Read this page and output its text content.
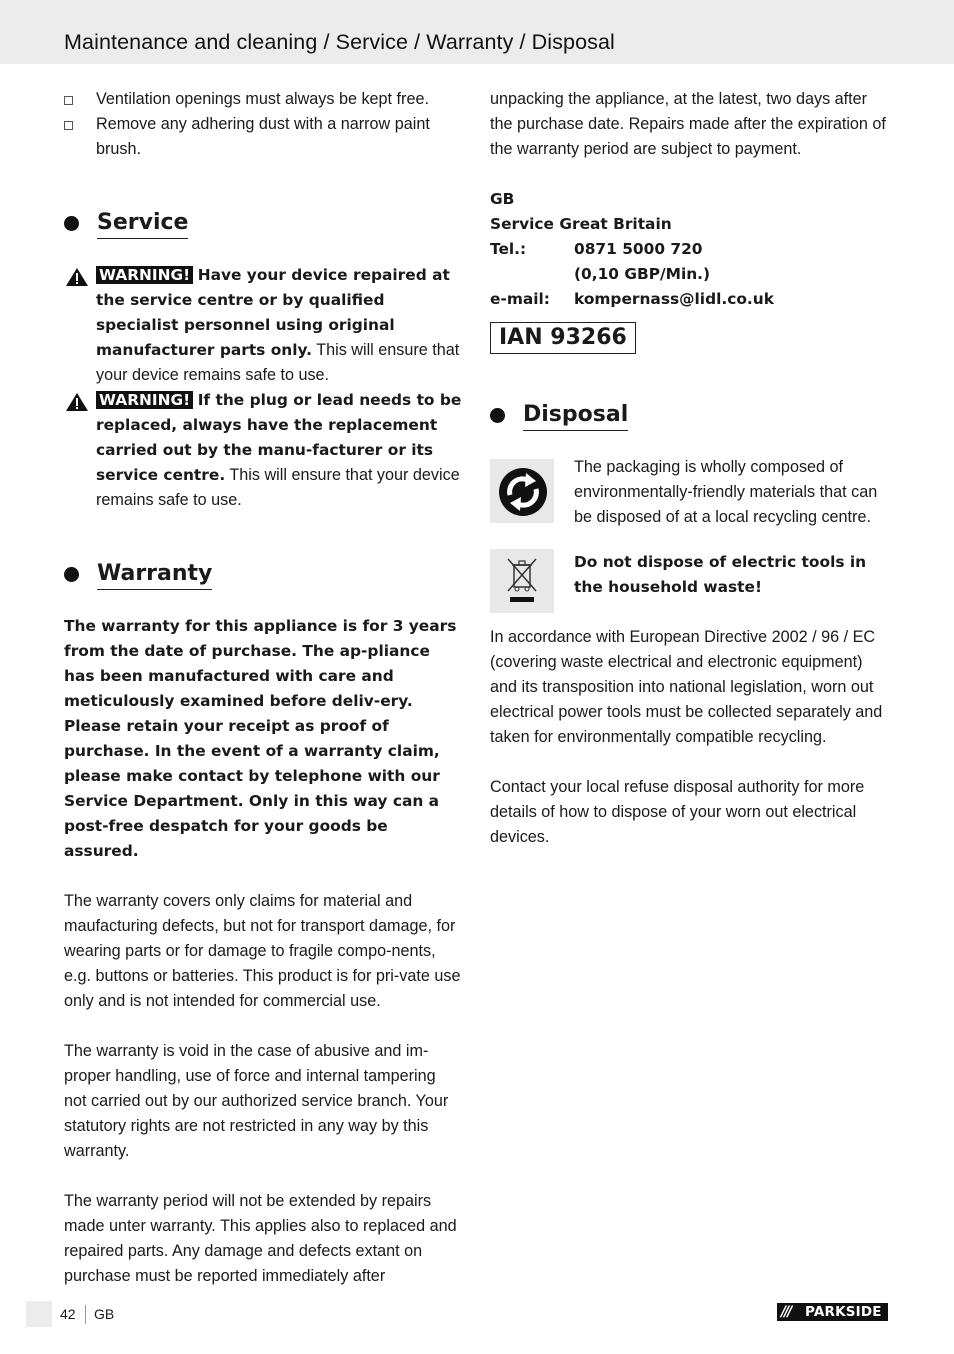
Maintenance and cleaning / Service / Warranty / Disposal
Ventilation openings must always be kept free.
Remove any adhering dust with a narrow paint brush.
Service
WARNING! Have your device repaired at the service centre or by qualified specialist personnel using original manufacturer parts only. This will ensure that your device remains safe to use.
WARNING! If the plug or lead needs to be replaced, always have the replacement carried out by the manu-facturer or its service centre. This will ensure that your device remains safe to use.
Warranty

The warranty for this appliance is for 3 years from the date of purchase. The ap-pliance has been manufactured with care and meticulously examined before deliv-ery. Please retain your receipt as proof of purchase. In the event of a warranty claim, please make contact by telephone with our Service Department. Only in this way can a post-free despatch for your goods be assured.

The warranty covers only claims for material and maufacturing defects, but not for transport damage, for wearing parts or for damage to fragile compo-nents, e.g. buttons or batteries. This product is for pri-vate use only and is not intended for commercial use.

The warranty is void in the case of abusive and im-proper handling, use of force and internal tampering not carried out by our authorized service branch. Your statutory rights are not restricted in any way by this warranty.

The warranty period will not be extended by repairs made unter warranty. This applies also to replaced and repaired parts. Any damage and defects extant on purchase must be reported immediately after

unpacking the appliance, at the latest, two days after the purchase date. Repairs made after the expiration of the warranty period are subject to payment.

GB
Service Great Britain
Tel.:	0871 5000 720
	(0,10 GBP/Min.)
e-mail:	kompernass@lidl.co.uk
IAN 93266
Disposal

The packaging is wholly composed of environmentally-friendly materials that can be disposed of at a local recycling centre.

Do not dispose of electric tools in the household waste!

In accordance with European Directive 2002 / 96 / EC (covering waste electrical and electronic equipment) and its transposition into national legislation, worn out electrical power tools must be collected separately and taken for environmentally compatible recycling.

Contact your local refuse disposal authority for more details of how to dispose of your worn out electrical devices.

42 GB	/// PARKSIDE
